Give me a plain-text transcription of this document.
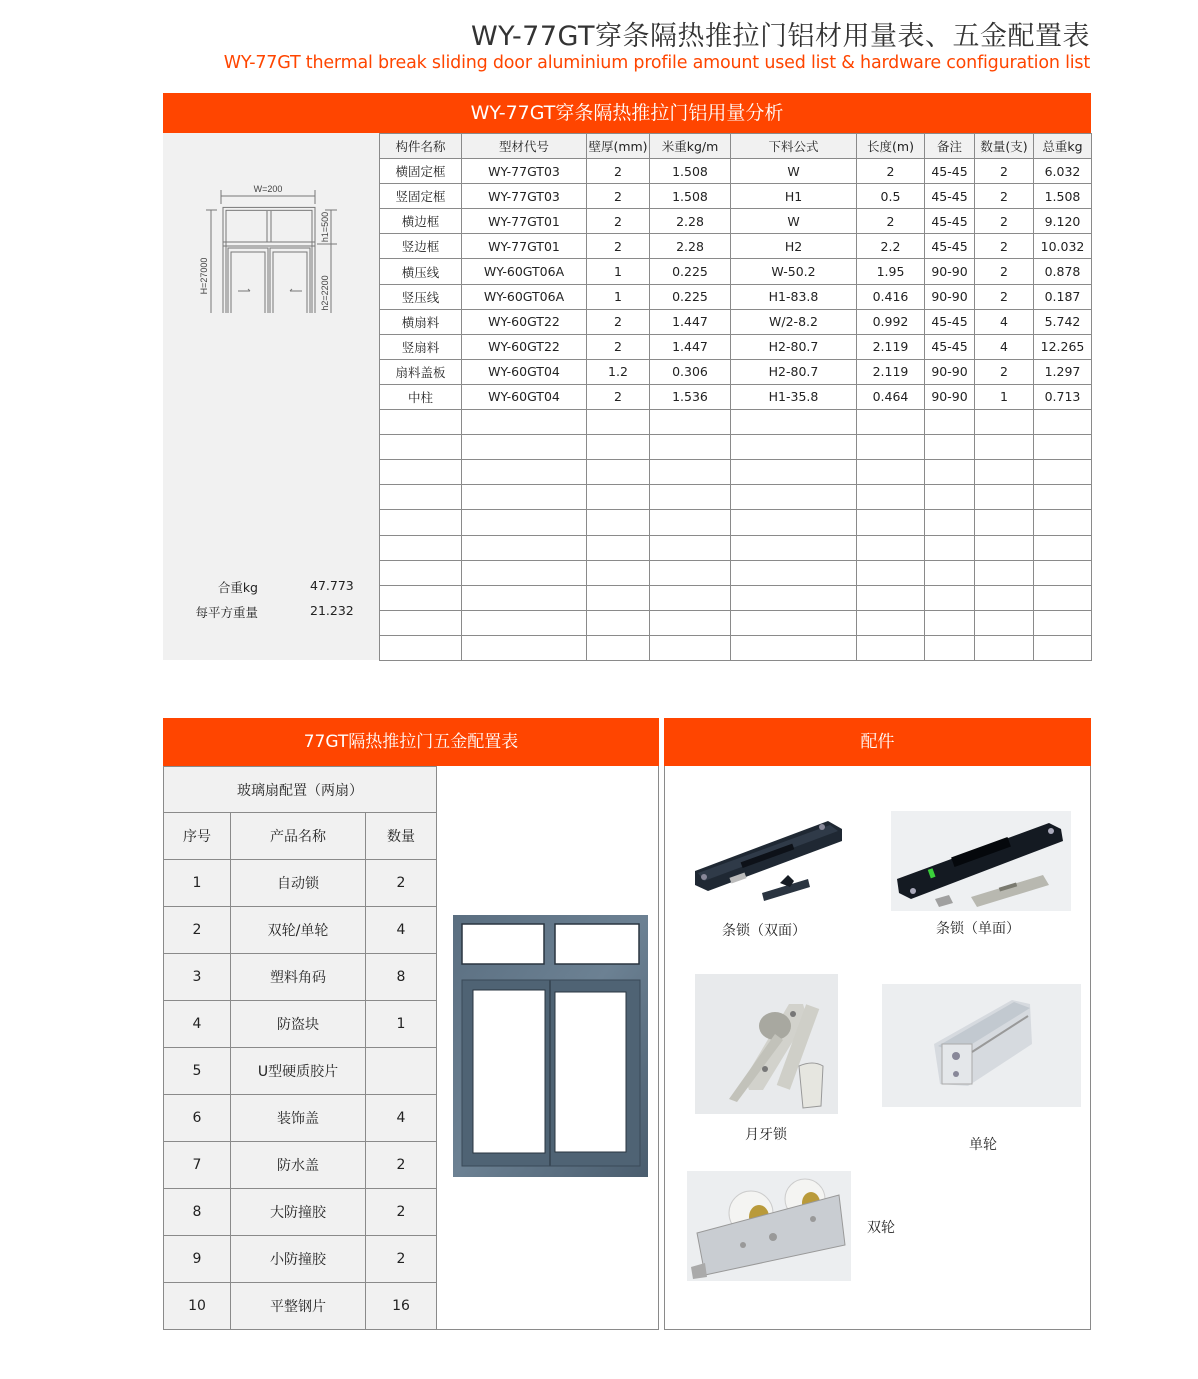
WY-77GT穿条隔热推拉门铝材用量表、五金配置表
WY-77GT thermal break sliding door aluminium profile amount used list & hardware configuration list
WY-77GT穿条隔热推拉门铝用量分析
W=200
H=27000
h1=500
h2=2200
合重kg	47.773
每平方重量	21.232
构件名称	型材代号	壁厚(mm)	米重kg/m	下料公式	长度(m)	备注	数量(支)	总重kg
横固定框	WY-77GT03	2	1.508	W	2	45-45	2	6.032
竖固定框	WY-77GT03	2	1.508	H1	0.5	45-45	2	1.508
横边框	WY-77GT01	2	2.28	W	2	45-45	2	9.120
竖边框	WY-77GT01	2	2.28	H2	2.2	45-45	2	10.032
横压线	WY-60GT06A	1	0.225	W-50.2	1.95	90-90	2	0.878
竖压线	WY-60GT06A	1	0.225	H1-83.8	0.416	90-90	2	0.187
横扇料	WY-60GT22	2	1.447	W/2-8.2	0.992	45-45	4	5.742
竖扇料	WY-60GT22	2	1.447	H2-80.7	2.119	45-45	4	12.265
扇料盖板	WY-60GT04	1.2	0.306	H2-80.7	2.119	90-90	2	1.297
中柱	WY-60GT04	2	1.536	H1-35.8	0.464	90-90	1	0.713

77GT隔热推拉门五金配置表
玻璃扇配置（两扇）		
序号	产品名称	数量
1	自动锁	2
2	双轮/单轮	4
3	塑料角码	8
4	防盗块	1
5	U型硬质胶片	
6	装饰盖	4
7	防水盖	2
8	大防撞胶	2
9	小防撞胶	2
10	平整钢片	16
配件
条锁（双面）	条锁（单面）
月牙锁
单轮
双轮
